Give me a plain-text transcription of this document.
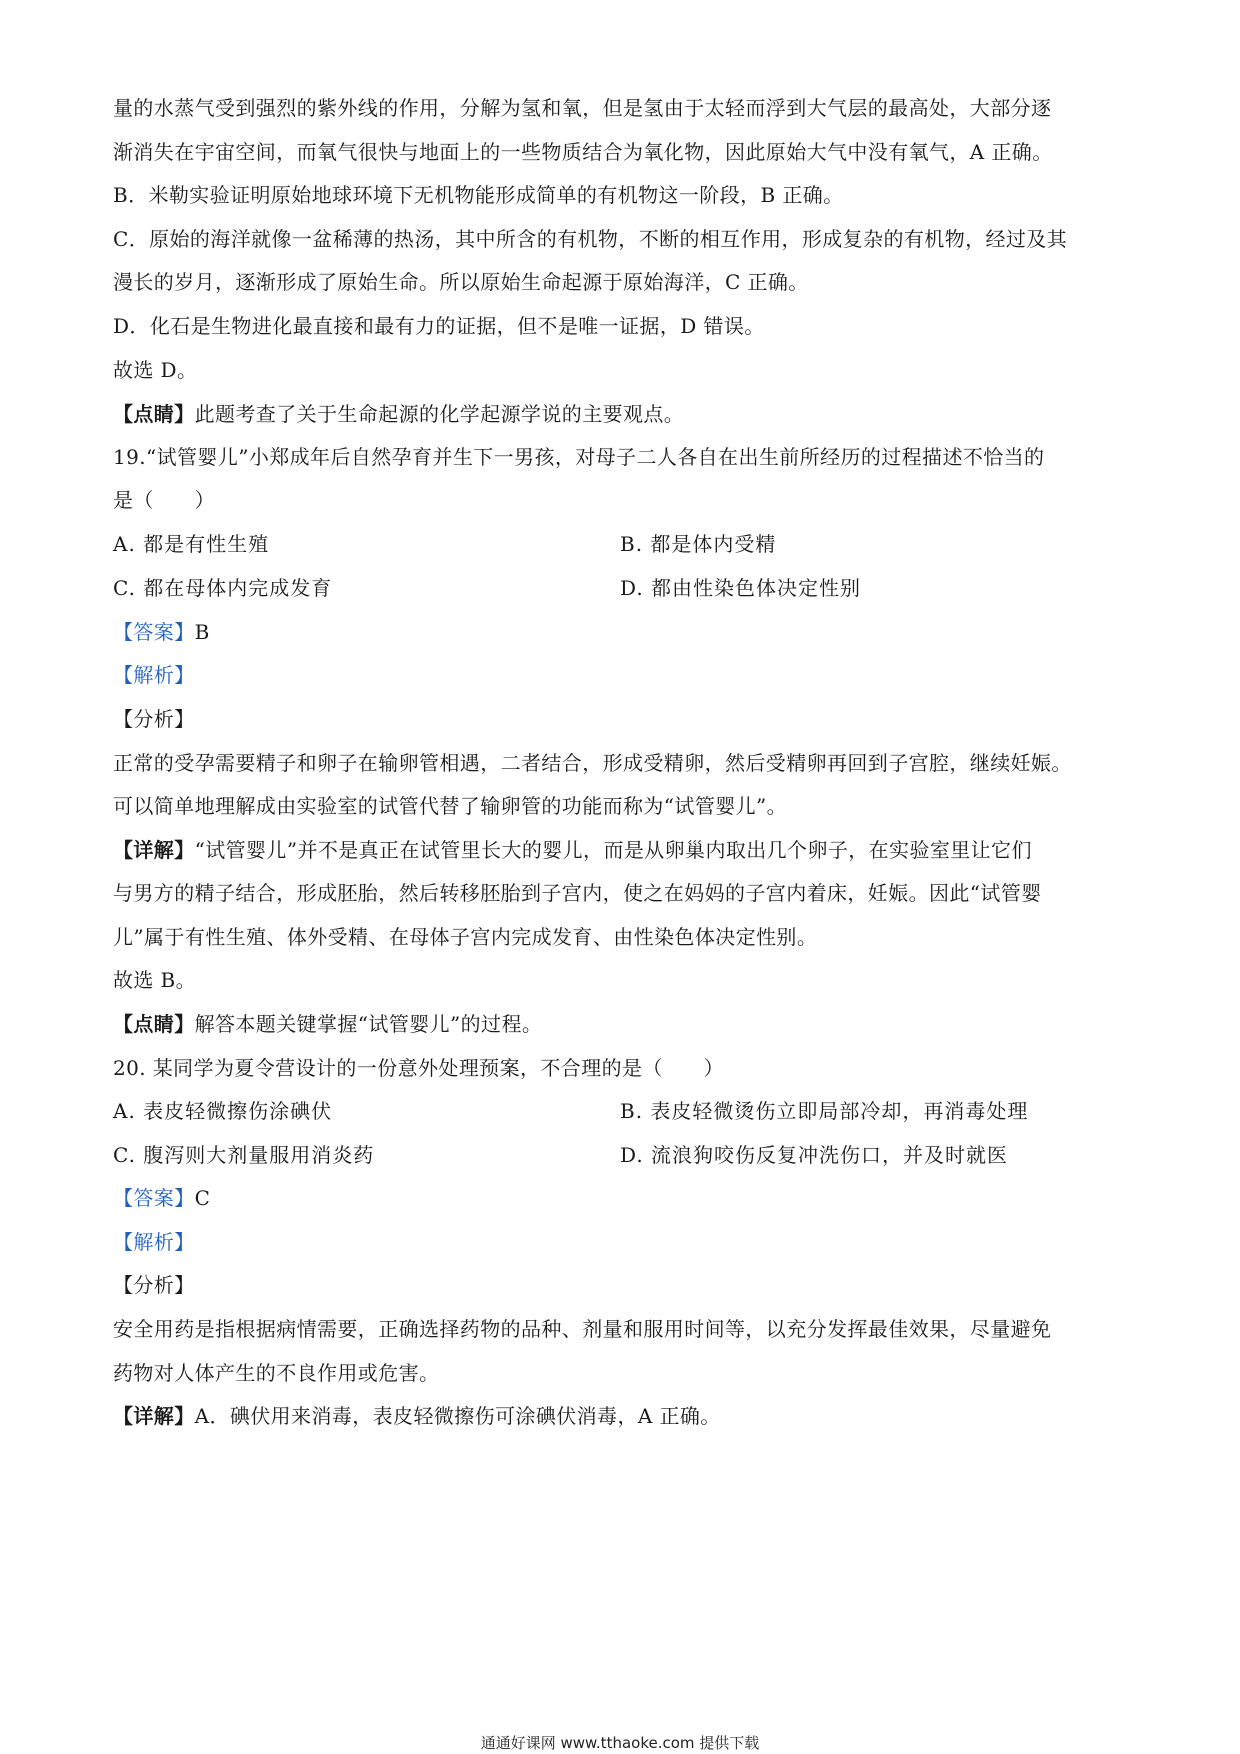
量的水蒸气受到强烈的紫外线的作用，分解为氢和氧，但是氢由于太轻而浮到大气层的最高处，大部分逐
渐消失在宇宙空间，而氧气很快与地面上的一些物质结合为氧化物，因此原始大气中没有氧气，A 正确。
B．米勒实验证明原始地球环境下无机物能形成简单的有机物这一阶段，B 正确。
C．原始的海洋就像一盆稀薄的热汤，其中所含的有机物，不断的相互作用，形成复杂的有机物，经过及其
漫长的岁月，逐渐形成了原始生命。所以原始生命起源于原始海洋，C 正确。
D．化石是生物进化最直接和最有力的证据，但不是唯一证据，D 错误。
故选 D。
【点睛】此题考查了关于生命起源的化学起源学说的主要观点。
19.“试管婴儿”小郑成年后自然孕育并生下一男孩，对母子二人各自在出生前所经历的过程描述不恰当的
是（　　）
A. 都是有性生殖	B. 都是体内受精
C. 都在母体内完成发育	D. 都由性染色体决定性别
【答案】B
【解析】
【分析】
正常的受孕需要精子和卵子在输卵管相遇，二者结合，形成受精卵，然后受精卵再回到子宫腔，继续妊娠。
可以简单地理解成由实验室的试管代替了输卵管的功能而称为“试管婴儿”。
【详解】“试管婴儿”并不是真正在试管里长大的婴儿，而是从卵巢内取出几个卵子，在实验室里让它们
与男方的精子结合，形成胚胎，然后转移胚胎到子宫内，使之在妈妈的子宫内着床，妊娠。因此“试管婴
儿”属于有性生殖、体外受精、在母体子宫内完成发育、由性染色体决定性别。
故选 B。
【点睛】解答本题关键掌握“试管婴儿”的过程。
20. 某同学为夏令营设计的一份意外处理预案，不合理的是（　　）
A. 表皮轻微擦伤涂碘伏	B. 表皮轻微烫伤立即局部冷却，再消毒处理
C. 腹泻则大剂量服用消炎药	D. 流浪狗咬伤反复冲洗伤口，并及时就医
【答案】C
【解析】
【分析】
安全用药是指根据病情需要，正确选择药物的品种、剂量和服用时间等，以充分发挥最佳效果，尽量避免
药物对人体产生的不良作用或危害。
【详解】A．碘伏用来消毒，表皮轻微擦伤可涂碘伏消毒，A 正确。
通通好课网 www.tthaoke.com 提供下载
